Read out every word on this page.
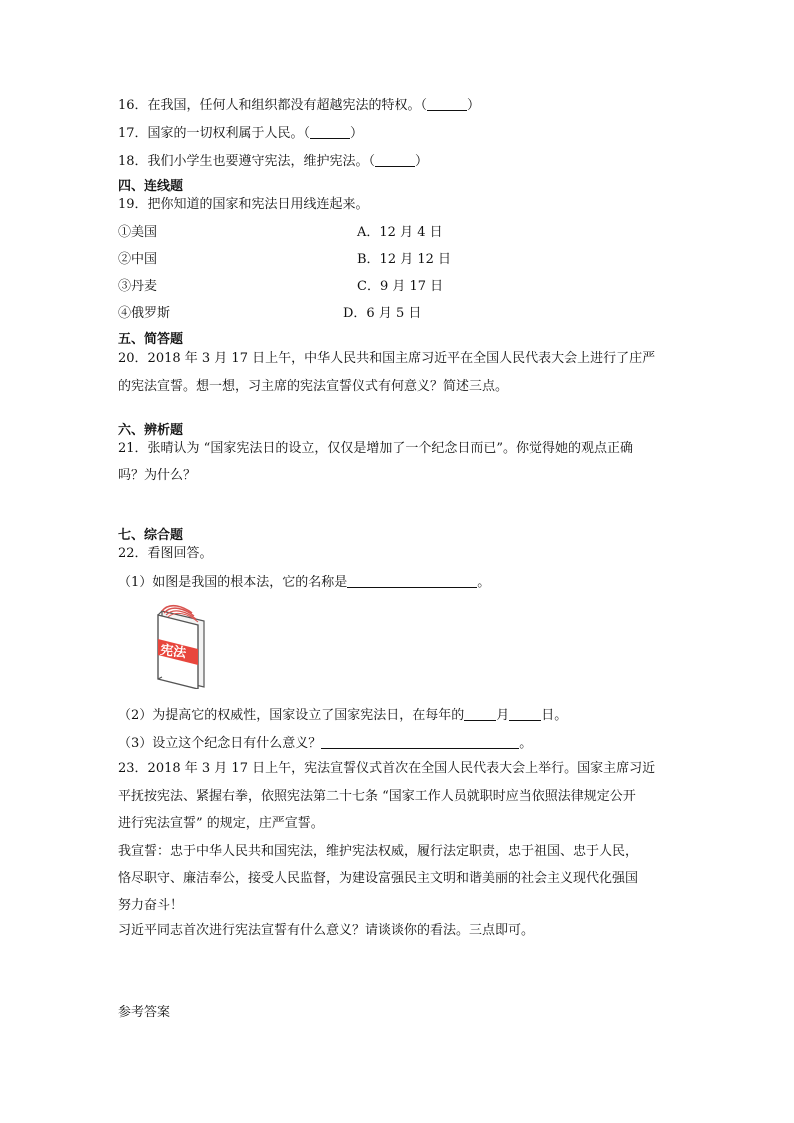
16．在我国，任何人和组织都没有超越宪法的特权。（	）
17．国家的一切权利属于人民。（	）
18．我们小学生也要遵守宪法，维护宪法。（	）
四、连线题
19．把你知道的国家和宪法日用线连起来。
①美国	A．12 月 4 日
②中国	B．12 月 12 日
③丹麦	C．9 月 17 日
④俄罗斯	D．6 月 5 日
五、简答题
20．2018 年 3 月 17 日上午，中华人民共和国主席习近平在全国人民代表大会上进行了庄严
的宪法宣誓。想一想，习主席的宪法宣誓仪式有何意义？简述三点。
六、辨析题
21．张晴认为 “国家宪法日的设立，仅仅是增加了一个纪念日而已”。你觉得她的观点正确
吗？为什么？
七、综合题
22．看图回答。
（1）如图是我国的根本法，它的名称是	。
宪法
（2）为提高它的权威性，国家设立了国家宪法日，在每年的 月 日。
（3）设立这个纪念日有什么意义？	。
23．2018 年 3 月 17 日上午，宪法宣誓仪式首次在全国人民代表大会上举行。国家主席习近
平抚按宪法、紧握右拳，依照宪法第二十七条 “国家工作人员就职时应当依照法律规定公开
进行宪法宣誓” 的规定，庄严宣誓。
我宣誓：忠于中华人民共和国宪法，维护宪法权威，履行法定职责，忠于祖国、忠于人民，
恪尽职守、廉洁奉公，接受人民监督，为建设富强民主文明和谐美丽的社会主义现代化强国
努力奋斗！
习近平同志首次进行宪法宣誓有什么意义？请谈谈你的看法。三点即可。
参考答案
